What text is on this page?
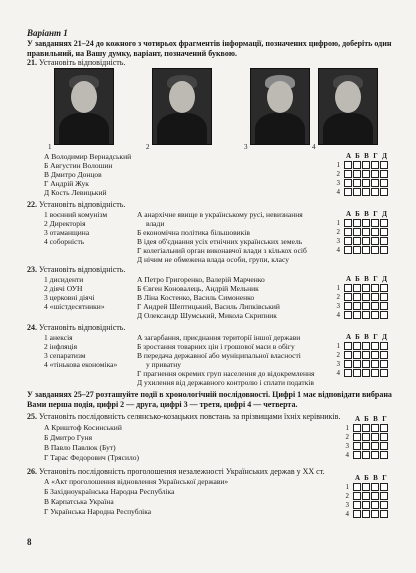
Варіант 1
У завданнях 21–24 до кожного з чотирьох фрагментів інформації, позначених цифрою, доберіть один правильний, на Вашу думку, варіант, позначений буквою.
21. Установіть відповідність.
1	2	3	4
А Володимир Вернадський
Б Августин Волошин
В Дмитро Донцов
Г Андрій Жук
Д Кость Левицький
А Б В Г Д
1
2
3
4
22. Установіть відповідність.
1 воєнний комунізм
2 Директорія
3 отаманщина
4 соборність
А анархічне явище в українському русі, невизнання
влади
Б економічна політика більшовиків
В ідея об'єднання усіх етнічних українських земель
Г колегіальний орган виконавчої влади з кількох осіб
Д нічим не обмежена влада особи, групи, класу
А Б В Г Д
1
2
3
4
23. Установіть відповідність.
1 дисиденти
2 діячі ОУН
3 церковні діячі
4 «шістдесятники»
А Петро Григоренко, Валерій Марченко
Б Євген Коновалець, Андрій Мельник
В Ліна Костенко, Василь Симоненко
Г Андрей Шептицький, Василь Липківський
Д Олександр Шумський, Микола Скрипник
А Б В Г Д
1
2
3
4
24. Установіть відповідність.
1 анексія
2 інфляція
3 сепаратизм
4 «тінькова економіка»
А загарбання, приєднання території іншої держави
Б зростання товарних цін і грошової маси в обігу
В передача державної або муніципальної власності
у приватну
Г прагнення окремих груп населення до відокремлення
Д ухилення від державного контролю і сплати податків
А Б В Г Д
1
2
3
4
У завданнях 25–27 розташуйте події в хронологічній послідовності. Цифрі 1 має відповідати вибрана Вами перша подія, цифрі 2 — друга, цифрі 3 — третя, цифрі 4 — четверта.
25. Установіть послідовність селянсько-козацьких повстань за прізвищами їхніх керівників.
А Криштоф Косинський
Б Дмитро Гуня
В Павло Павлюк (Бут)
Г Тарас Федорович (Трясило)
А Б В Г
1
2
3
4
26. Установіть послідовність проголошення незалежності Українських держав у XX ст.
А «Акт проголошення відновлення Української держави»
Б Західноукраїнська Народна Республіка
В Карпатська Україна
Г Українська Народна Республіка
А Б В Г
1
2
3
4
8
